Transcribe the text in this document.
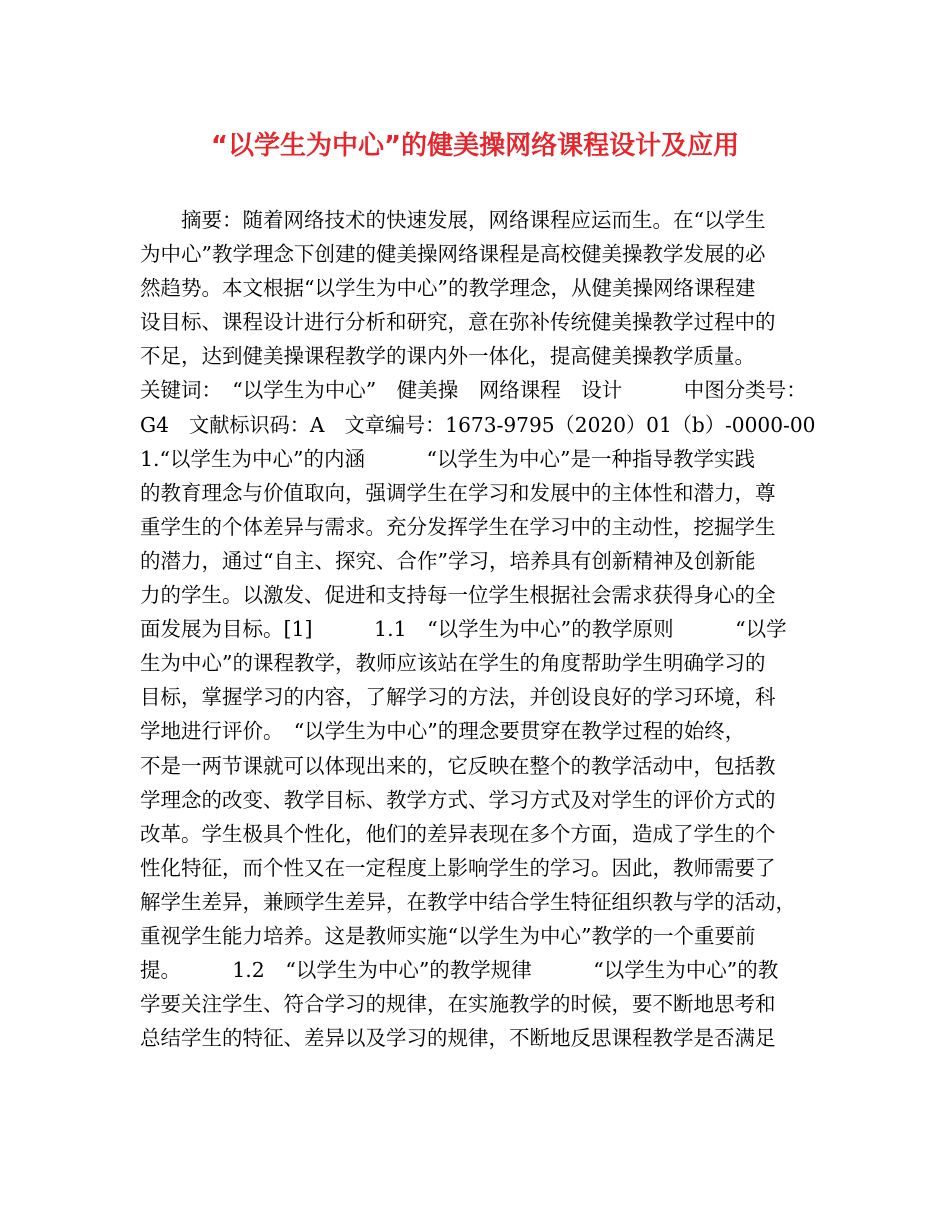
“以学生为中心”的健美操网络课程设计及应用
　　摘要：随着网络技术的快速发展，网络课程应运而生。在“以学生
为中心”教学理念下创建的健美操网络课程是高校健美操教学发展的必
然趋势。本文根据“以学生为中心”的教学理念，从健美操网络课程建
设目标、课程设计进行分析和研究，意在弥补传统健美操教学过程中的
不足，达到健美操课程教学的课内外一体化，提高健美操教学质量。
关键词：　“以学生为中心”　健美操　网络课程　设计　　　中图分类号：
G4　文献标识码：A　文章编号：1673-9795（2020）01（b）-0000-00
1.“以学生为中心”的内涵　　　“以学生为中心”是一种指导教学实践
的教育理念与价值取向，强调学生在学习和发展中的主体性和潜力，尊
重学生的个体差异与需求。充分发挥学生在学习中的主动性，挖掘学生
的潜力，通过“自主、探究、合作”学习，培养具有创新精神及创新能
力的学生。以激发、促进和支持每一位学生根据社会需求获得身心的全
面发展为目标。[1]　　　1.1　“以学生为中心”的教学原则　　　“以学
生为中心”的课程教学，教师应该站在学生的角度帮助学生明确学习的
目标，掌握学习的内容，了解学习的方法，并创设良好的学习环境，科
学地进行评价。　“以学生为中心”的理念要贯穿在教学过程的始终，
不是一两节课就可以体现出来的，它反映在整个的教学活动中，包括教
学理念的改变、教学目标、教学方式、学习方式及对学生的评价方式的
改革。学生极具个性化，他们的差异表现在多个方面，造成了学生的个
性化特征，而个性又在一定程度上影响学生的学习。因此，教师需要了
解学生差异，兼顾学生差异，在教学中结合学生特征组织教与学的活动，
重视学生能力培养。这是教师实施“以学生为中心”教学的一个重要前
提。　　　1.2　“以学生为中心”的教学规律　　　“以学生为中心”的教
学要关注学生、符合学习的规律，在实施教学的时候，要不断地思考和
总结学生的特征、差异以及学习的规律，不断地反思课程教学是否满足
